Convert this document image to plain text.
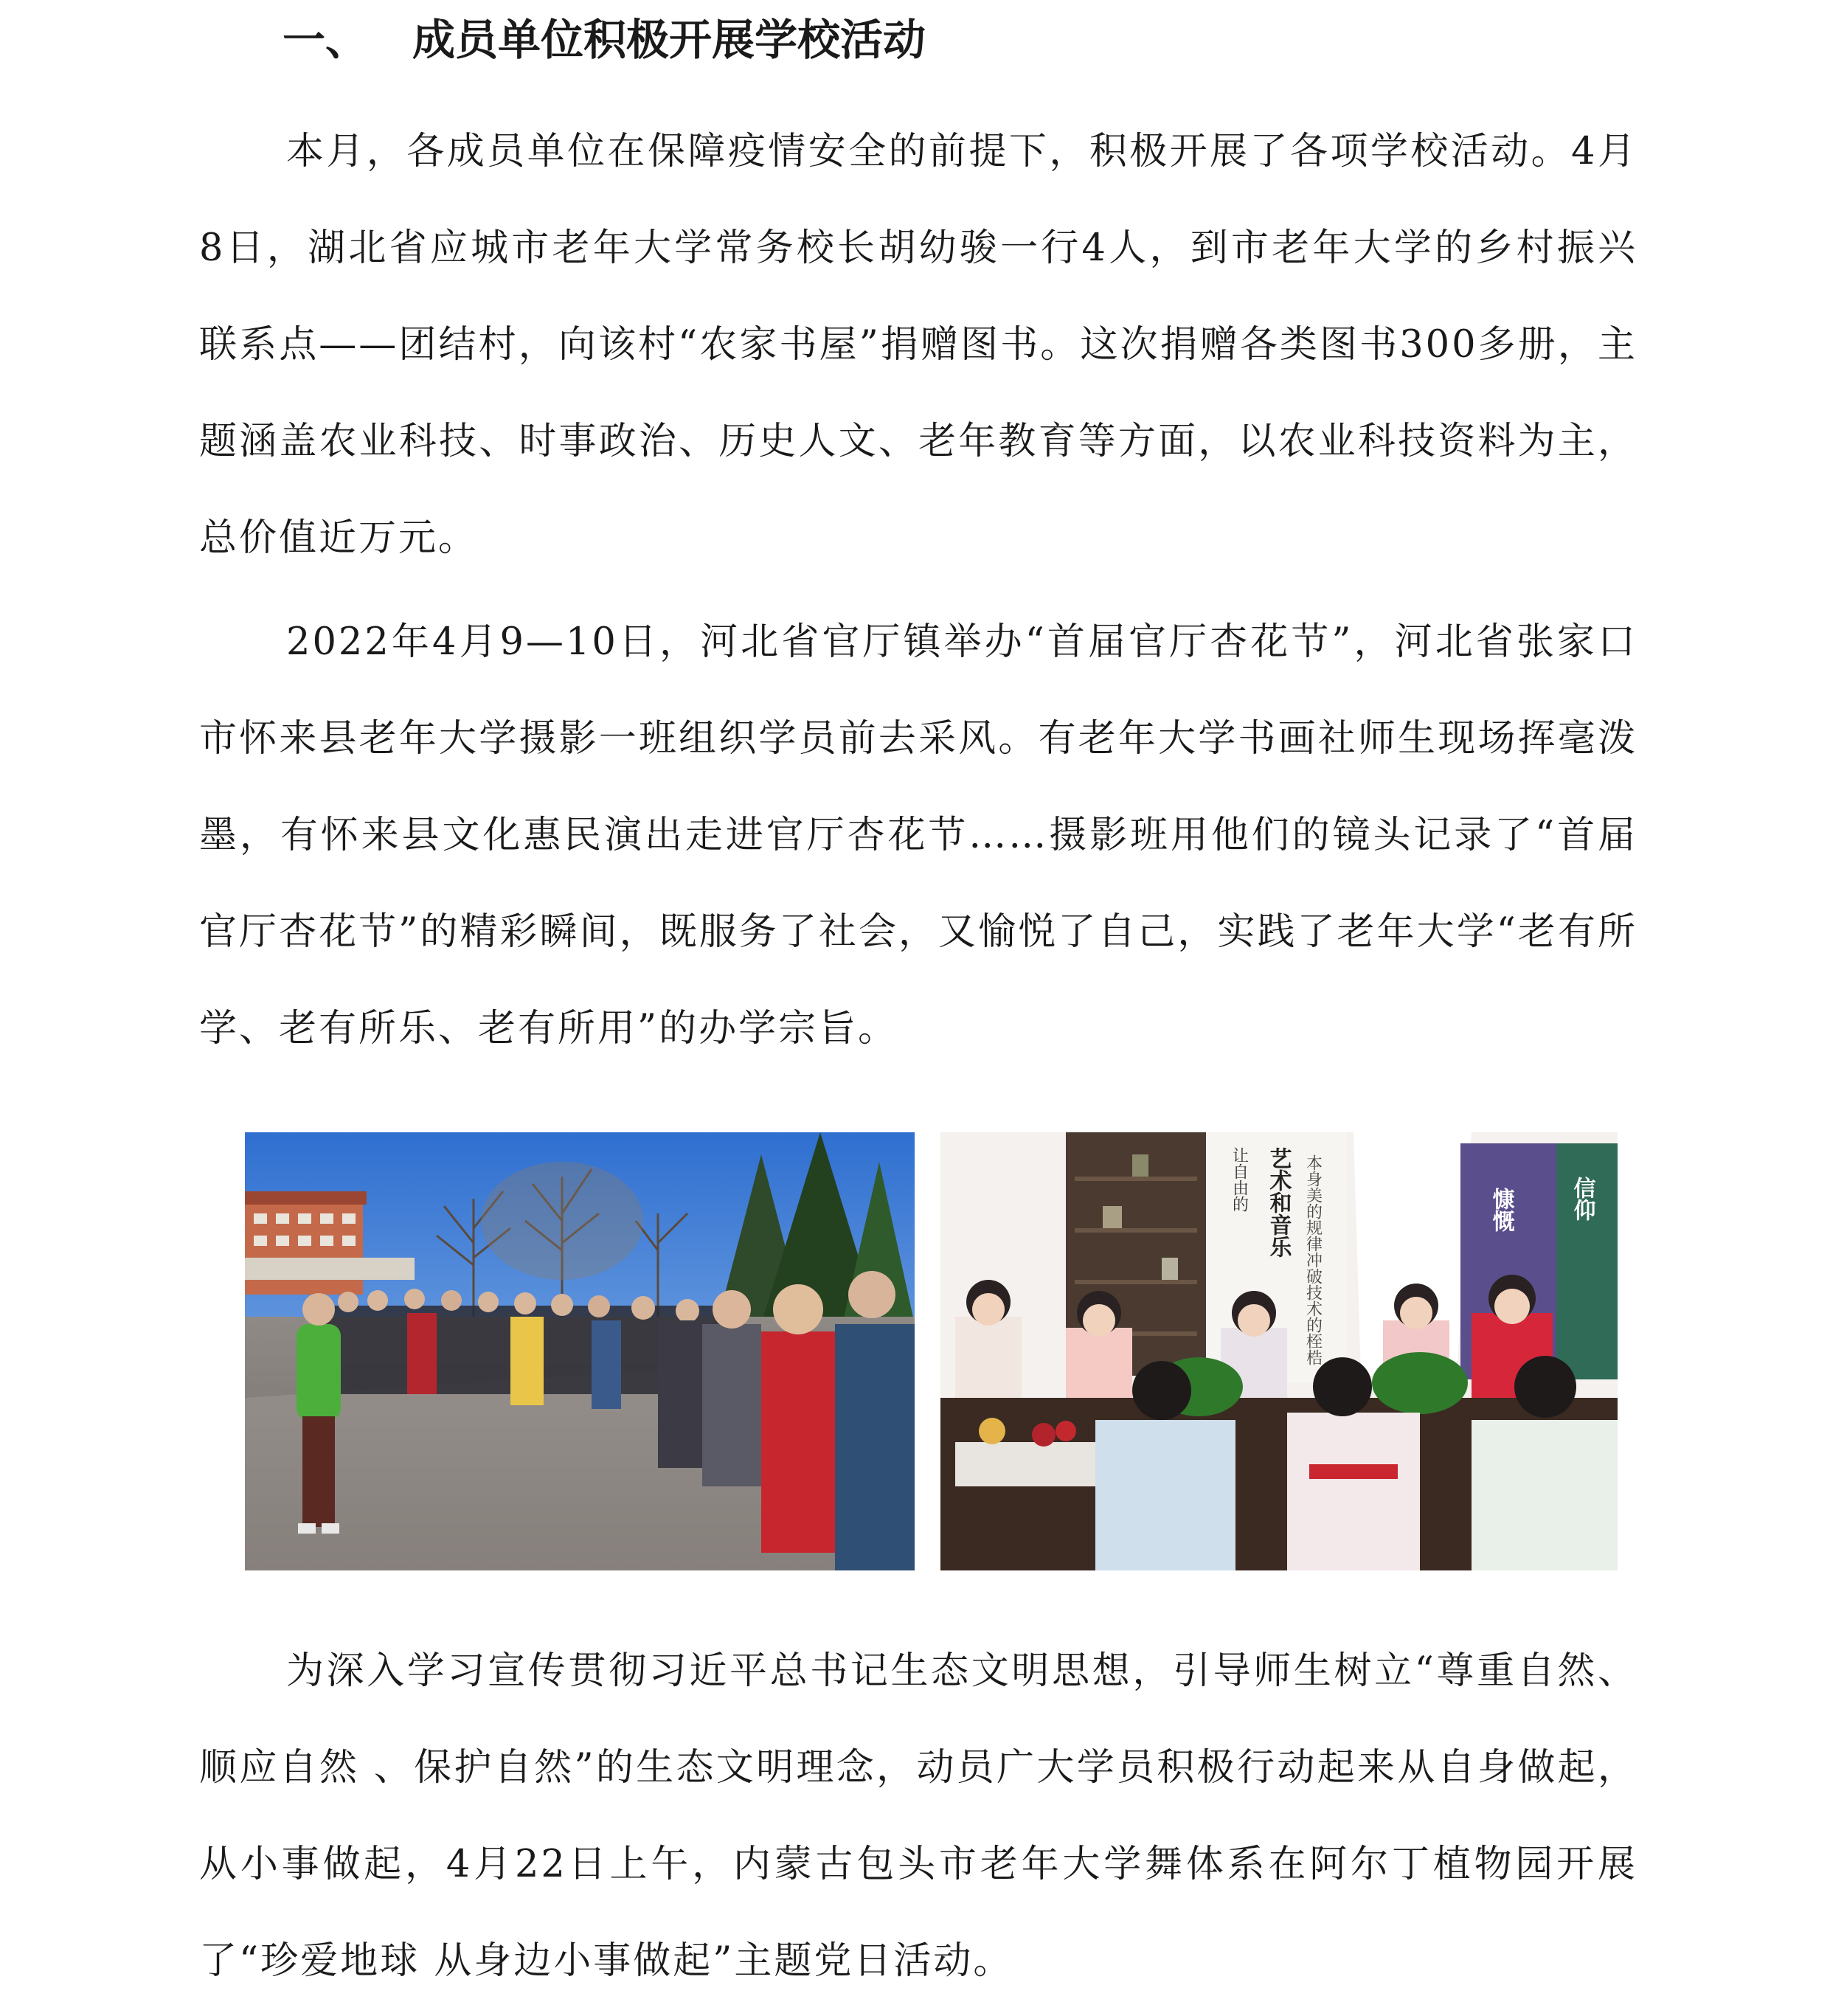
一、 成员单位积极开展学校活动

本月，各成员单位在保障疫情安全的前提下，积极开展了各项学校活动。4月8日，湖北省应城市老年大学常务校长胡幼骏一行4人，到市老年大学的乡村振兴联系点——团结村，向该村“农家书屋”捐赠图书。这次捐赠各类图书300多册，主题涵盖农业科技、时事政治、历史人文、老年教育等方面，以农业科技资料为主，总价值近万元。

2022年4月9—10日，河北省官厅镇举办“首届官厅杏花节”，河北省张家口市怀来县老年大学摄影一班组织学员前去采风。有老年大学书画社师生现场挥毫泼墨，有怀来县文化惠民演出走进官厅杏花节……摄影班用他们的镜头记录了“首届官厅杏花节”的精彩瞬间，既服务了社会，又愉悦了自己，实践了老年大学“老有所学、老有所乐、老有所用”的办学宗旨。

让自由的 艺术和音乐 本身美的规律冲破技术的桎梏	慷慨	信仰

为深入学习宣传贯彻习近平总书记生态文明思想，引导师生树立“尊重自然、顺应自然 、保护自然”的生态文明理念，动员广大学员积极行动起来从自身做起，从小事做起，4月22日上午，内蒙古包头市老年大学舞体系在阿尔丁植物园开展了“珍爱地球 从身边小事做起”主题党日活动。
